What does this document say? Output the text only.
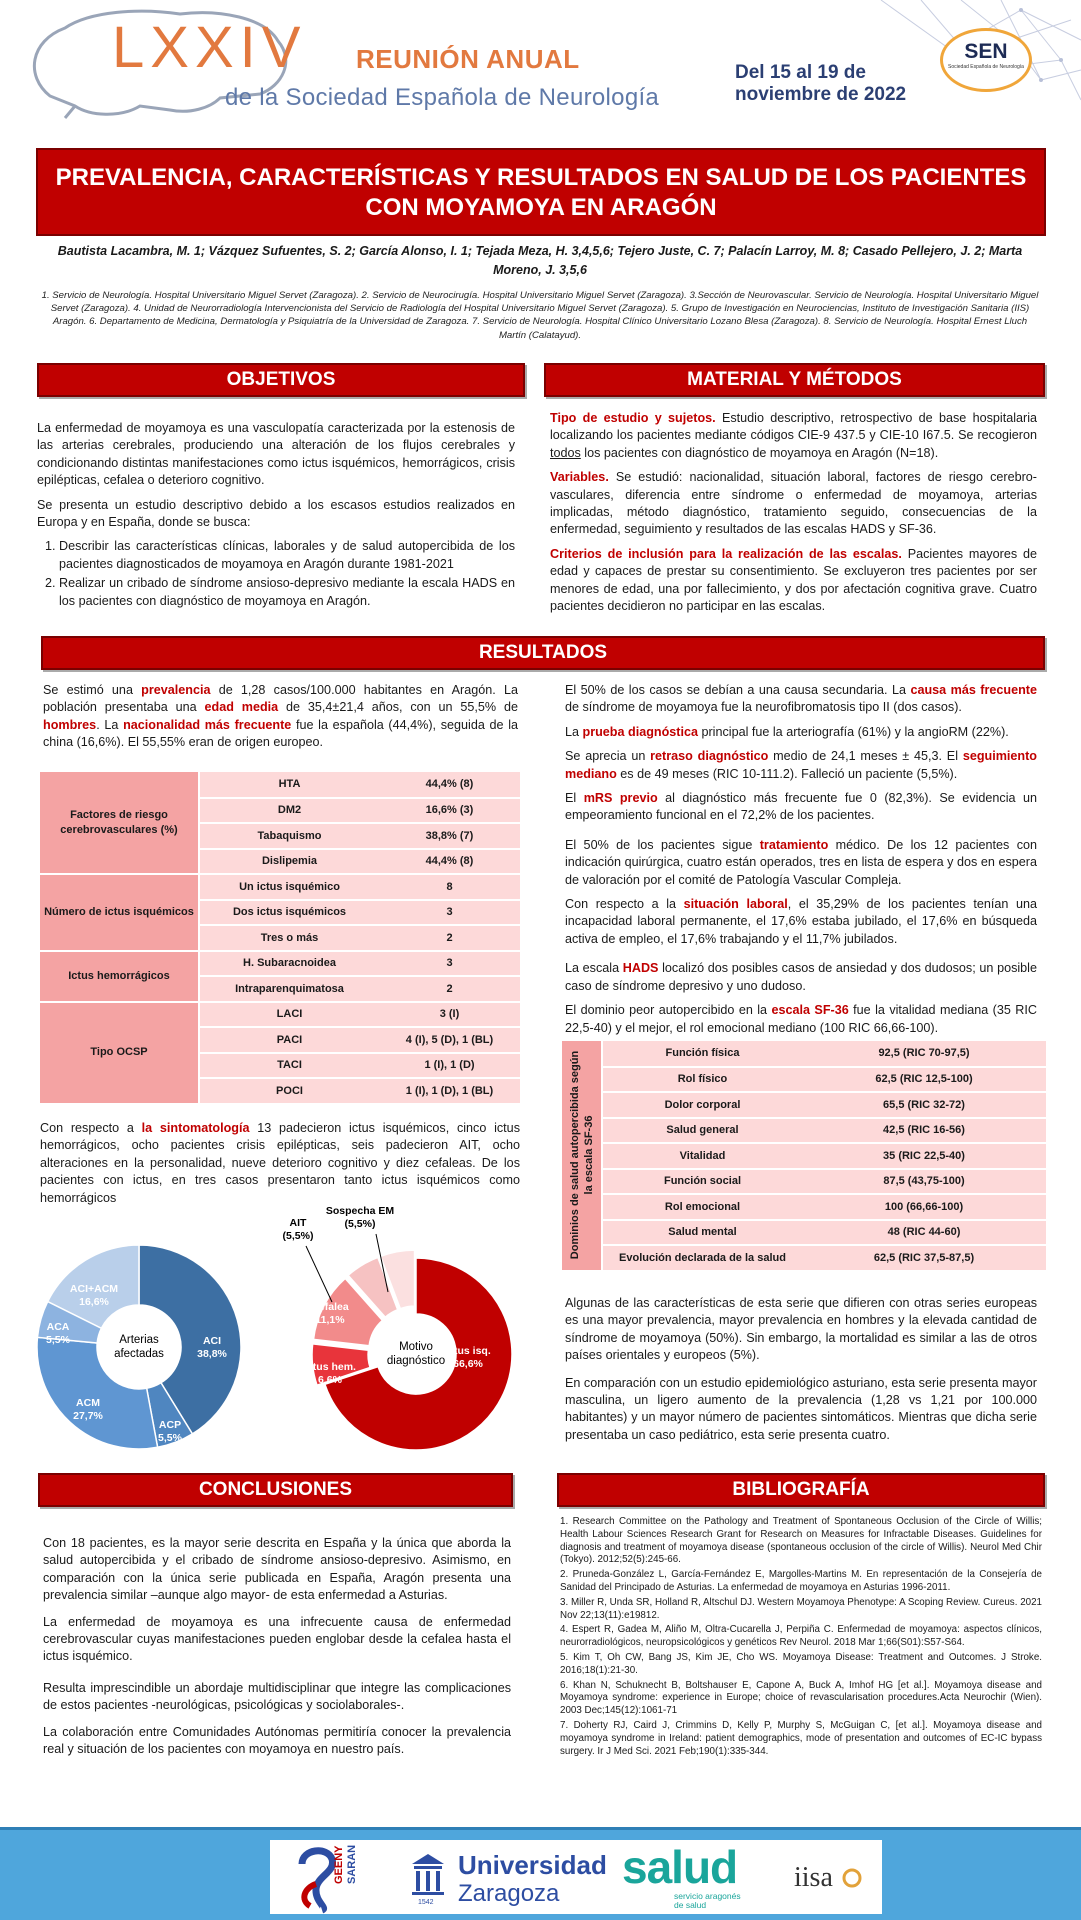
LXXIV REUNIÓN ANUAL
de la Sociedad Española de Neurología
Del 15 al 19 de noviembre de 2022
SEN
Sociedad Española de Neurología
PREVALENCIA, CARACTERÍSTICAS Y RESULTADOS EN SALUD DE LOS PACIENTES CON MOYAMOYA EN ARAGÓN
Bautista Lacambra, M. 1; Vázquez Sufuentes, S. 2; García Alonso, I. 1; Tejada Meza, H. 3,4,5,6; Tejero Juste, C. 7; Palacín Larroy, M. 8; Casado Pellejero, J. 2; Marta Moreno, J. 3,5,6
1. Servicio de Neurología. Hospital Universitario Miguel Servet (Zaragoza). 2. Servicio de Neurocirugía. Hospital Universitario Miguel Servet (Zaragoza). 3.Sección de Neurovascular. Servicio de Neurología. Hospital Universitario Miguel Servet (Zaragoza). 4. Unidad de Neurorradiología Intervencionista del Servicio de Radiología del Hospital Universitario Miguel Servet (Zaragoza). 5. Grupo de Investigación en Neurociencias, Instituto de Investigación Sanitaria (IIS) Aragón. 6. Departamento de Medicina, Dermatología y Psiquiatría de la Universidad de Zaragoza. 7. Servicio de Neurología. Hospital Clínico Universitario Lozano Blesa (Zaragoza). 8. Servicio de Neurología. Hospital Ernest Lluch Martín (Calatayud).
OBJETIVOS

La enfermedad de moyamoya es una vasculopatía caracterizada por la estenosis de las arterias cerebrales, produciendo una alteración de los flujos cerebrales y condicionando distintas manifestaciones como ictus isquémicos, hemorrágicos, crisis epilépticas, cefalea o deterioro cognitivo.

Se presenta un estudio descriptivo debido a los escasos estudios realizados en Europa y en España, donde se busca:

1. Describir las características clínicas, laborales y de salud autopercibida de los pacientes diagnosticados de moyamoya en Aragón durante 1981-2021
2. Realizar un cribado de síndrome ansioso-depresivo mediante la escala HADS en los pacientes con diagnóstico de moyamoya en Aragón.
MATERIAL Y MÉTODOS

Tipo de estudio y sujetos. Estudio descriptivo, retrospectivo de base hospitalaria localizando los pacientes mediante códigos CIE-9 437.5 y CIE-10 I67.5. Se recogieron todos los pacientes con diagnóstico de moyamoya en Aragón (N=18).

Variables. Se estudió: nacionalidad, situación laboral, factores de riesgo cerebro-vasculares, diferencia entre síndrome o enfermedad de moyamoya, arterias implicadas, método diagnóstico, tratamiento seguido, consecuencias de la enfermedad, seguimiento y resultados de las escalas HADS y SF-36.

Criterios de inclusión para la realización de las escalas. Pacientes mayores de edad y capaces de prestar su consentimiento. Se excluyeron tres pacientes por ser menores de edad, una por fallecimiento, y dos por afectación cognitiva grave. Cuatro pacientes decidieron no participar en las escalas.

RESULTADOS

Se estimó una prevalencia de 1,28 casos/100.000 habitantes en Aragón. La población presentaba una edad media de 35,4±21,4 años, con un 55,5% de hombres. La nacionalidad más frecuente fue la española (44,4%), seguida de la china (16,6%). El 55,55% eran de origen europeo.

Factores de riesgo cerebrovasculares (%)	HTA	44,4% (8)
	DM2	16,6% (3)
	Tabaquismo	38,8% (7)
	Dislipemia	44,4% (8)
Número de ictus isquémicos	Un ictus isquémico	8
	Dos ictus isquémicos	3
	Tres o más	2
Ictus hemorrágicos	H. Subaracnoidea	3
	Intraparenquimatosa	2
Tipo OCSP	LACI	3 (I)
	PACI	4 (I), 5 (D), 1 (BL)
	TACI	1 (I), 1 (D)
	POCI	1 (I), 1 (D), 1 (BL)

Con respecto a la sintomatología 13 padecieron ictus isquémicos, cinco ictus hemorrágicos, ocho pacientes crisis epilépticas, seis padecieron AIT, ocho alteraciones en la personalidad, nueve deterioro cognitivo y diez cefaleas. De los pacientes con ictus, en tres casos presentaron tanto ictus isquémicos como hemorrágicos

Arterias
afectadas
ACI
38,8%
ACP
5,5%
ACM
27,7%
ACA
5,5%
ACI+ACM
16,6%
Motivo
diagnóstico
Ictus isq.
66,6%
Ictus hem.
6,6%
Cefalea
11,1%
AIT
(5,5%)
Sospecha EM
(5,5%)

El 50% de los casos se debían a una causa secundaria. La causa más frecuente de síndrome de moyamoya fue la neurofibromatosis tipo II (dos casos).

La prueba diagnóstica principal fue la arteriografía (61%) y la angioRM (22%).

Se aprecia un retraso diagnóstico medio de 24,1 meses ± 45,3. El seguimiento mediano es de 49 meses (RIC 10-111.2). Falleció un paciente (5,5%).

El mRS previo al diagnóstico más frecuente fue 0 (82,3%). Se evidencia un empeoramiento funcional en el 72,2% de los pacientes.

El 50% de los pacientes sigue tratamiento médico. De los 12 pacientes con indicación quirúrgica, cuatro están operados, tres en lista de espera y dos en espera de valoración por el comité de Patología Vascular Compleja.

Con respecto a la situación laboral, el 35,29% de los pacientes tenían una incapacidad laboral permanente, el 17,6% estaba jubilado, el 17,6% en búsqueda activa de empleo, el 17,6% trabajando y el 11,7% jubilados.

La escala HADS localizó dos posibles casos de ansiedad y dos dudosos; un posible caso de síndrome depresivo y uno dudoso.

El dominio peor autopercibido en la escala SF-36 fue la vitalidad mediana (35 RIC 22,5-40) y el mejor, el rol emocional mediano (100 RIC 66,66-100).

Dominios de salud autopercibida según la escala SF-36	Función física	92,5 (RIC 70-97,5)
	Rol físico	62,5 (RIC 12,5-100)
	Dolor corporal	65,5 (RIC 32-72)
	Salud general	42,5 (RIC 16-56)
	Vitalidad	35 (RIC 22,5-40)
	Función social	87,5 (43,75-100)
	Rol emocional	100 (66,66-100)
	Salud mental	48 (RIC 44-60)
	Evolución declarada de la salud	62,5 (RIC 37,5-87,5)

Algunas de las características de esta serie que difieren con otras series europeas es una mayor prevalencia, mayor prevalencia en hombres y la elevada cantidad de síndrome de moyamoya (50%). Sin embargo, la mortalidad es similar a las de otros países orientales y europeos (5%).

En comparación con un estudio epidemiológico asturiano, esta serie presenta mayor masculina, un ligero aumento de la prevalencia (1,28 vs 1,21 por 100.000 habitantes) y un mayor número de pacientes sintomáticos. Mientras que dicha serie presentaba un caso pediátrico, esta serie presenta cuatro.

CONCLUSIONES

Con 18 pacientes, es la mayor serie descrita en España y la única que aborda la salud autopercibida y el cribado de síndrome ansioso-depresivo. Asimismo, en comparación con la única serie publicada en España, Aragón presenta una prevalencia similar –aunque algo mayor- de esta enfermedad a Asturias.

La enfermedad de moyamoya es una infrecuente causa de enfermedad cerebrovascular cuyas manifestaciones pueden englobar desde la cefalea hasta el ictus isquémico.

Resulta imprescindible un abordaje multidisciplinar que integre las complicaciones de estos pacientes -neurológicas, psicológicas y sociolaborales-.

La colaboración entre Comunidades Autónomas permitiría conocer la prevalencia real y situación de los pacientes con moyamoya en nuestro país.

BIBLIOGRAFÍA

1. Research Committee on the Pathology and Treatment of Spontaneous Occlusion of the Circle of Willis; Health Labour Sciences Research Grant for Research on Measures for Infractable Diseases. Guidelines for diagnosis and treatment of moyamoya disease (spontaneous occlusion of the circle of Willis). Neurol Med Chir (Tokyo). 2012;52(5):245-66.

2. Pruneda-González L, García-Fernández E, Margolles-Martins M. En representación de la Consejería de Sanidad del Principado de Asturias. La enfermedad de moyamoya en Asturias 1996-2011.

3. Miller R, Unda SR, Holland R, Altschul DJ. Western Moyamoya Phenotype: A Scoping Review. Cureus. 2021 Nov 22;13(11):e19812.

4. Espert R, Gadea M, Aliño M, Oltra-Cucarella J, Perpiña C. Enfermedad de moyamoya: aspectos clínicos, neurorradiológicos, neuropsicológicos y genéticos Rev Neurol. 2018 Mar 1;66(S01):S57-S64.

5. Kim T, Oh CW, Bang JS, Kim JE, Cho WS. Moyamoya Disease: Treatment and Outcomes. J Stroke. 2016;18(1):21-30.

6. Khan N, Schuknecht B, Boltshauser E, Capone A, Buck A, Imhof HG [et al.]. Moyamoya disease and Moyamoya syndrome: experience in Europe; choice of revascularisation procedures.Acta Neurochir (Wien). 2003 Dec;145(12):1061-71

7. Doherty RJ, Caird J, Crimmins D, Kelly P, Murphy S, McGuigan C, [et al.]. Moyamoya disease and moyamoya syndrome in Ireland: patient demographics, mode of presentation and outcomes of EC-IC bypass surgery. Ir J Med Sci. 2021 Feb;190(1):335-344.

GEENY SARAN
1542
Universidad
Zaragoza
salud
servicio aragonés
de salud
iisa
